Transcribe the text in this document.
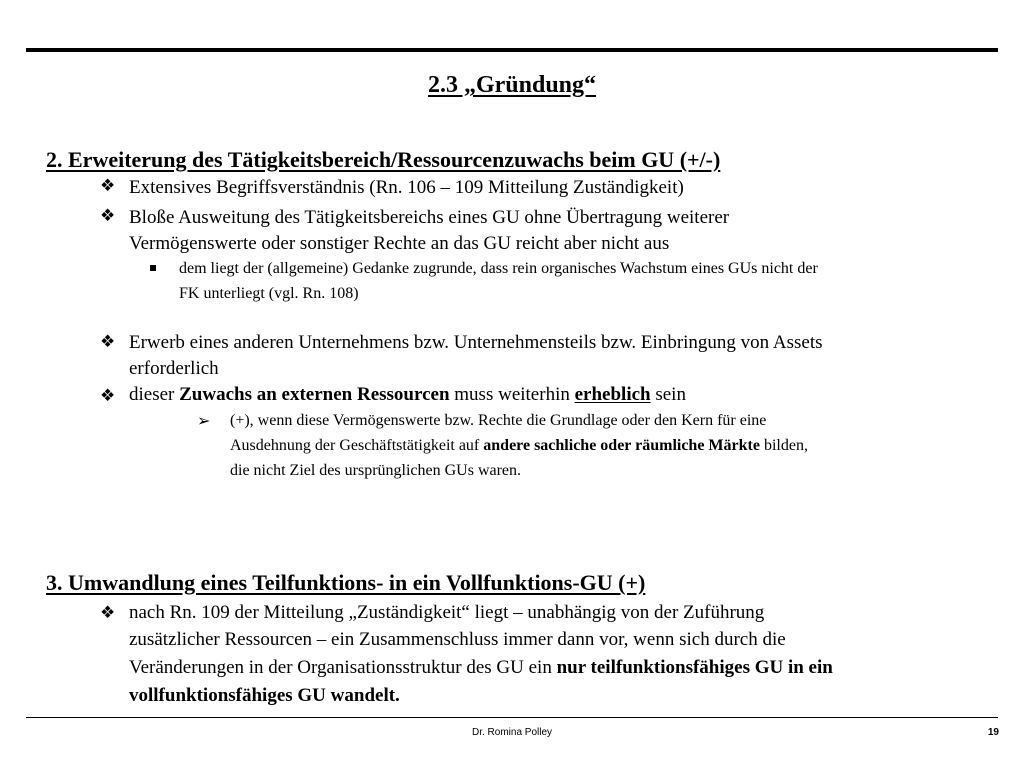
2.3 „Gründung“
2. Erweiterung des Tätigkeitsbereich/Ressourcenzuwachs beim GU (+/-)
❖ Extensives Begriffsverständnis (Rn. 106 – 109 Mitteilung Zuständigkeit)
❖ Bloße Ausweitung des Tätigkeitsbereichs eines GU ohne Übertragung weiterer
Vermögenswerte oder sonstiger Rechte an das GU reicht aber nicht aus
dem liegt der (allgemeine) Gedanke zugrunde, dass rein organisches Wachstum eines GUs nicht der
FK unterliegt (vgl. Rn. 108)
❖ Erwerb eines anderen Unternehmens bzw. Unternehmensteils bzw. Einbringung von Assets
erforderlich
❖ dieser Zuwachs an externen Ressourcen muss weiterhin erheblich sein
➢ (+), wenn diese Vermögenswerte bzw. Rechte die Grundlage oder den Kern für eine
Ausdehnung der Geschäftstätigkeit auf andere sachliche oder räumliche Märkte bilden,
die nicht Ziel des ursprünglichen GUs waren.
3. Umwandlung eines Teilfunktions- in ein Vollfunktions-GU (+)
❖ nach Rn. 109 der Mitteilung „Zuständigkeit“ liegt – unabhängig von der Zuführung
zusätzlicher Ressourcen – ein Zusammenschluss immer dann vor, wenn sich durch die
Veränderungen in der Organisationsstruktur des GU ein nur teilfunktionsfähiges GU in ein
vollfunktionsfähiges GU wandelt.
Dr. Romina Polley	19
